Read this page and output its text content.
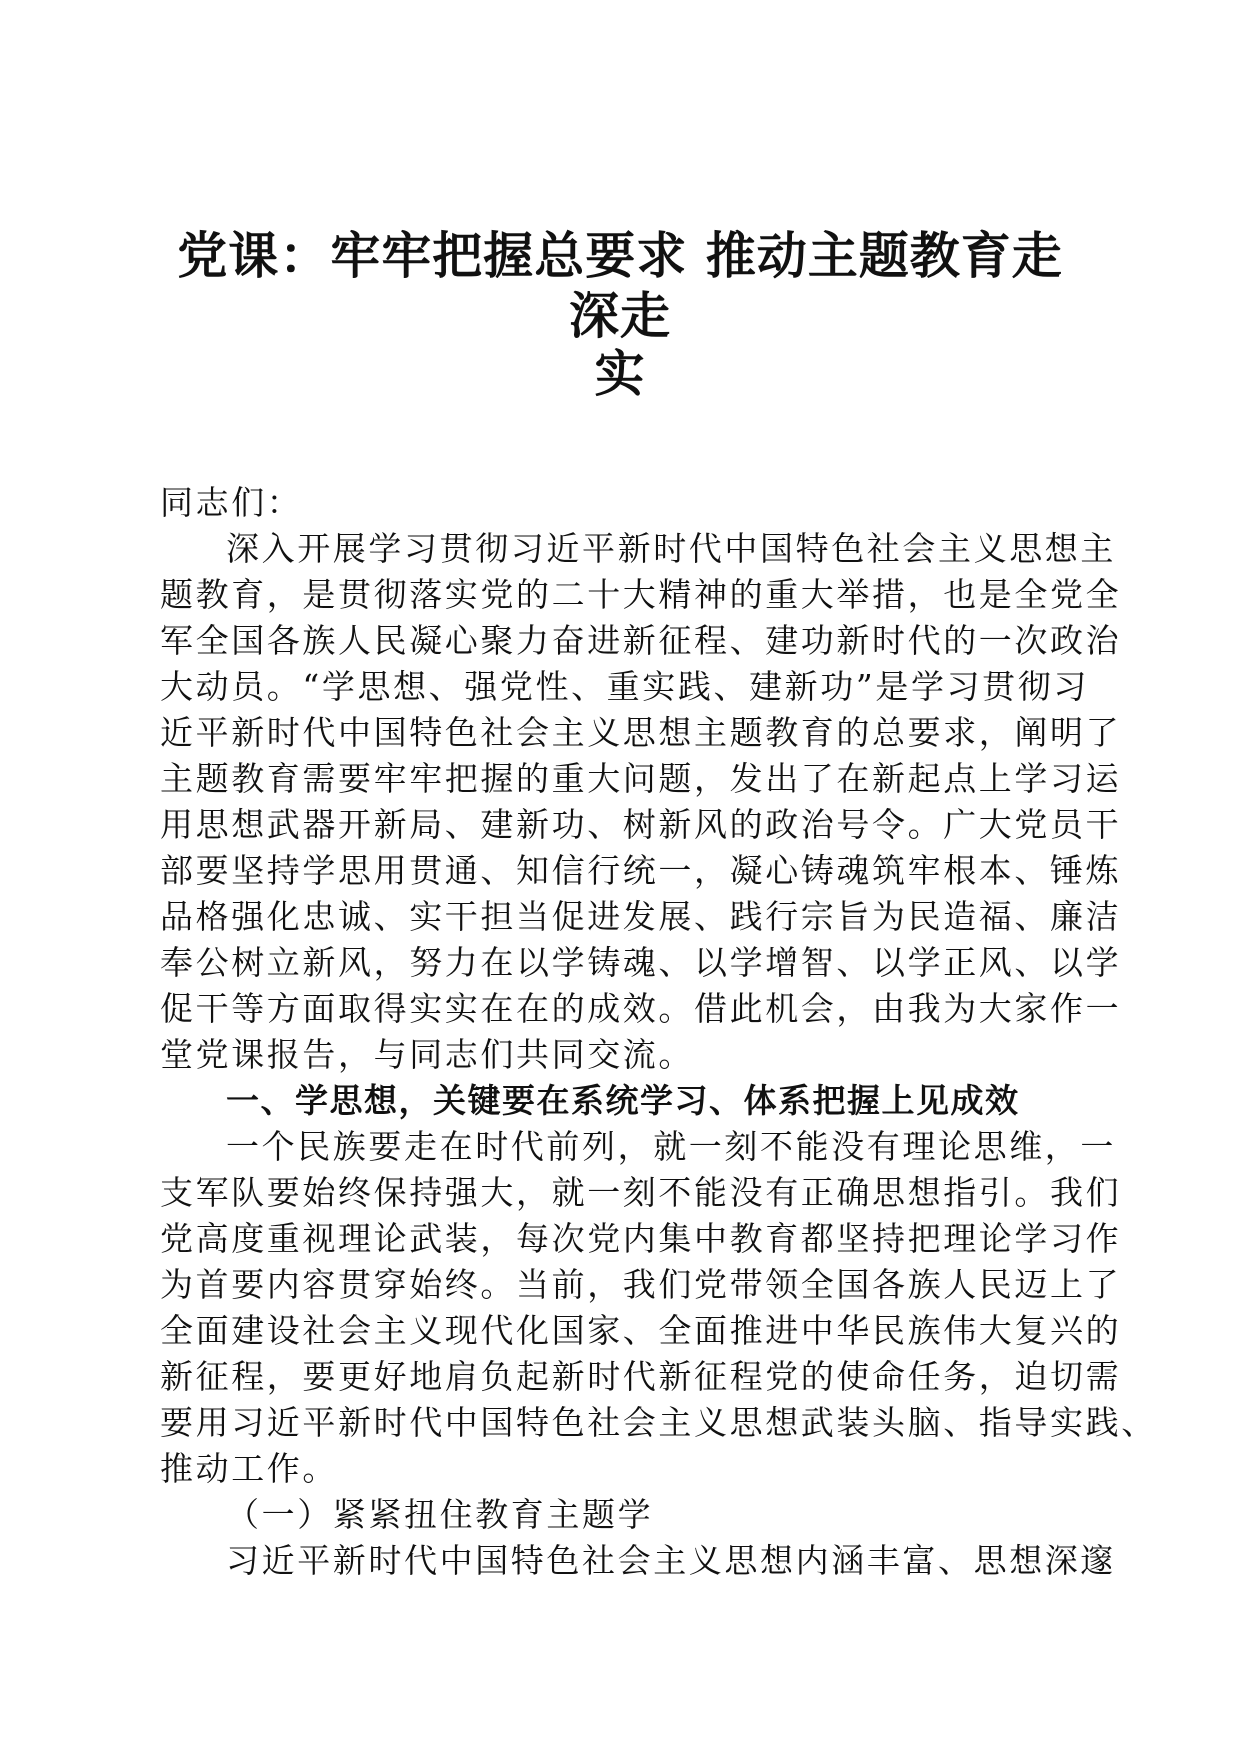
党课：牢牢把握总要求 推动主题教育走深走
实
同志们：
深入开展学习贯彻习近平新时代中国特色社会主义思想主
题教育，是贯彻落实党的二十大精神的重大举措，也是全党全
军全国各族人民凝心聚力奋进新征程、建功新时代的一次政治
大动员。“学思想、强党性、重实践、建新功”是学习贯彻习
近平新时代中国特色社会主义思想主题教育的总要求，阐明了
主题教育需要牢牢把握的重大问题，发出了在新起点上学习运
用思想武器开新局、建新功、树新风的政治号令。广大党员干
部要坚持学思用贯通、知信行统一，凝心铸魂筑牢根本、锤炼
品格强化忠诚、实干担当促进发展、践行宗旨为民造福、廉洁
奉公树立新风，努力在以学铸魂、以学增智、以学正风、以学
促干等方面取得实实在在的成效。借此机会，由我为大家作一
堂党课报告，与同志们共同交流。
一、学思想，关键要在系统学习、体系把握上见成效
一个民族要走在时代前列，就一刻不能没有理论思维，一
支军队要始终保持强大，就一刻不能没有正确思想指引。我们
党高度重视理论武装，每次党内集中教育都坚持把理论学习作
为首要内容贯穿始终。当前，我们党带领全国各族人民迈上了
全面建设社会主义现代化国家、全面推进中华民族伟大复兴的
新征程，要更好地肩负起新时代新征程党的使命任务，迫切需
要用习近平新时代中国特色社会主义思想武装头脑、指导实践、
推动工作。
（一）紧紧扭住教育主题学
习近平新时代中国特色社会主义思想内涵丰富、思想深邃
